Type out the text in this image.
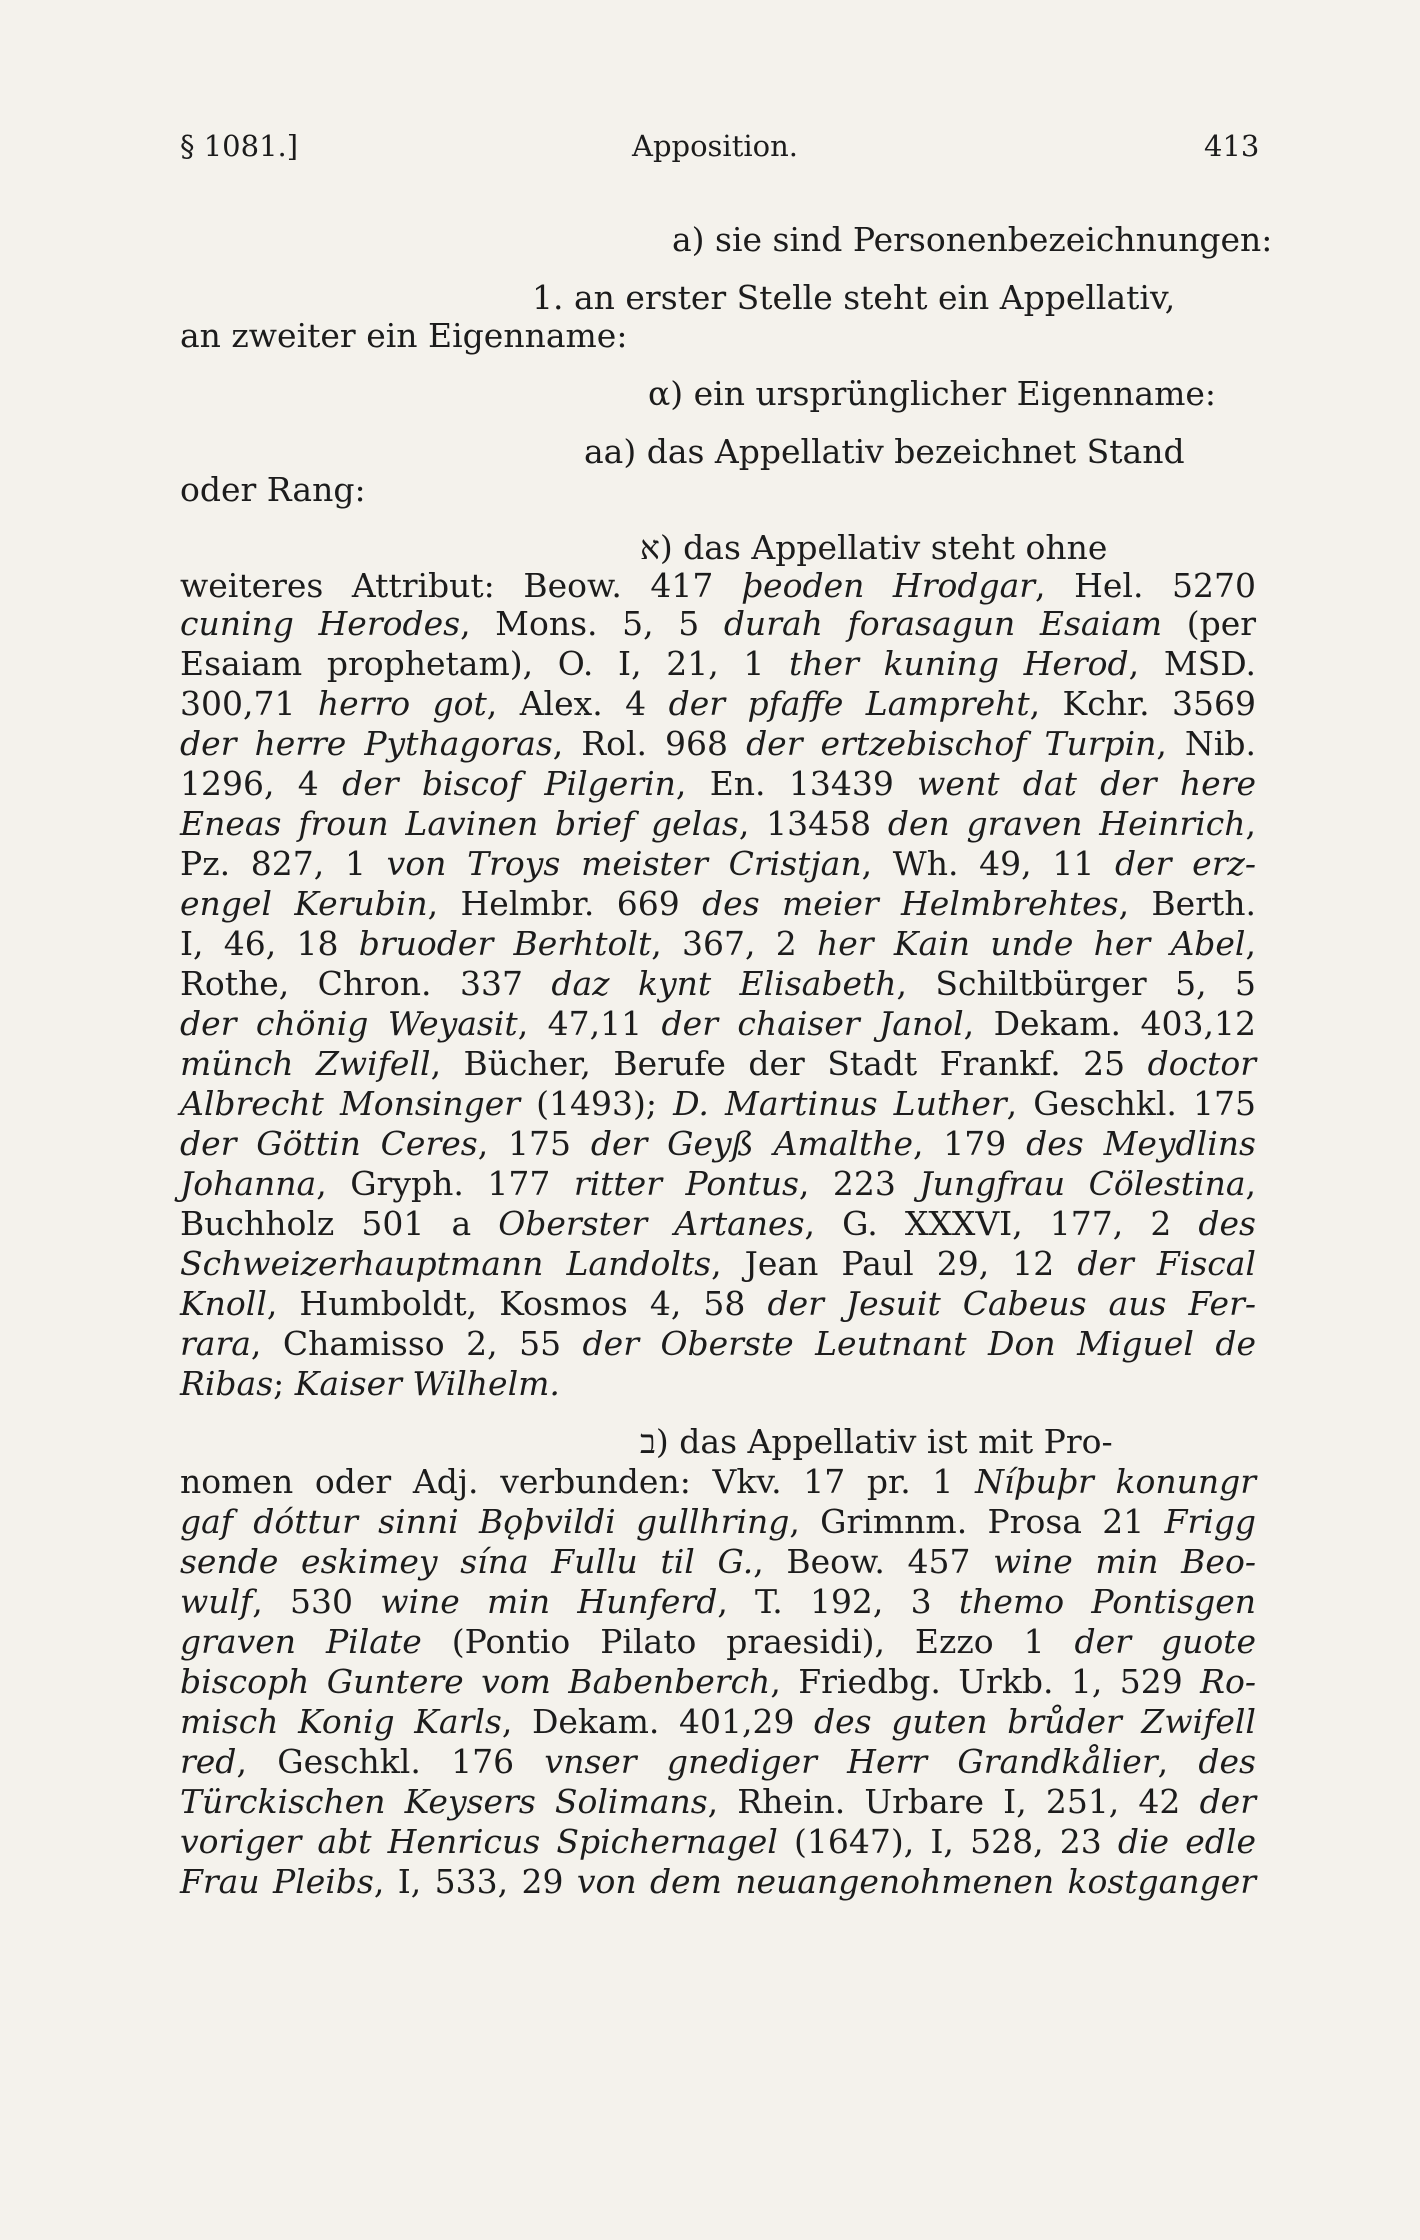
§ 1081.]	Apposition.	413
a) sie sind Personenbezeichnungen:
1. an erster Stelle steht ein Appellativ,
an zweiter ein Eigenname:
α) ein ursprünglicher Eigenname:
aa) das Appellativ bezeichnet Stand
oder Rang:
א) das Appellativ steht ohne
weiteres Attribut: Beow. 417 þeoden Hrodgar, Hel. 5270
cuning Herodes, Mons. 5, 5 durah forasagun Esaiam (per
Esaiam prophetam), O. I, 21, 1 ther kuning Herod, MSD.
300,71 herro got, Alex. 4 der pfaffe Lampreht, Kchr. 3569
der herre Pythagoras, Rol. 968 der ertzebischof Turpin, Nib.
1296, 4 der biscof Pilgerin, En. 13439 went dat der here
Eneas froun Lavinen brief gelas, 13458 den graven Heinrich,
Pz. 827, 1 von Troys meister Cristjan, Wh. 49, 11 der erz-
engel Kerubin, Helmbr. 669 des meier Helmbrehtes, Berth.
I, 46, 18 bruoder Berhtolt, 367, 2 her Kain unde her Abel,
Rothe, Chron. 337 daz kynt Elisabeth, Schiltbürger 5, 5
der chönig Weyasit, 47,11 der chaiser Janol, Dekam. 403,12
münch Zwifell, Bücher, Berufe der Stadt Frankf. 25 doctor
Albrecht Monsinger (1493); D. Martinus Luther, Geschkl. 175
der Göttin Ceres, 175 der Geyß Amalthe, 179 des Meydlins
Johanna, Gryph. 177 ritter Pontus, 223 Jungfrau Cölestina,
Buchholz 501 a Oberster Artanes, G. XXXVI, 177, 2 des
Schweizerhauptmann Landolts, Jean Paul 29, 12 der Fiscal
Knoll, Humboldt, Kosmos 4, 58 der Jesuit Cabeus aus Fer-
rara, Chamisso 2, 55 der Oberste Leutnant Don Miguel de
Ribas; Kaiser Wilhelm.
ב) das Appellativ ist mit Pro-
nomen oder Adj. verbunden: Vkv. 17 pr. 1 Níþuþr konungr
gaf dóttur sinni Bǫþvildi gullhring, Grimnm. Prosa 21 Frigg
sende eskimey sína Fullu til G., Beow. 457 wine min Beo-
wulf, 530 wine min Hunferd, T. 192, 3 themo Pontisgen
graven Pilate (Pontio Pilato praesidi), Ezzo 1 der guote
biscoph Guntere vom Babenberch, Friedbg. Urkb. 1, 529 Ro-
misch Konig Karls, Dekam. 401,29 des guten brůder Zwifell
red, Geschkl. 176 vnser gnediger Herr Grandkålier, des
Türckischen Keysers Solimans, Rhein. Urbare I, 251, 42 der
voriger abt Henricus Spichernagel (1647), I, 528, 23 die edle
Frau Pleibs, I, 533, 29 von dem neuangenohmenen kostganger
